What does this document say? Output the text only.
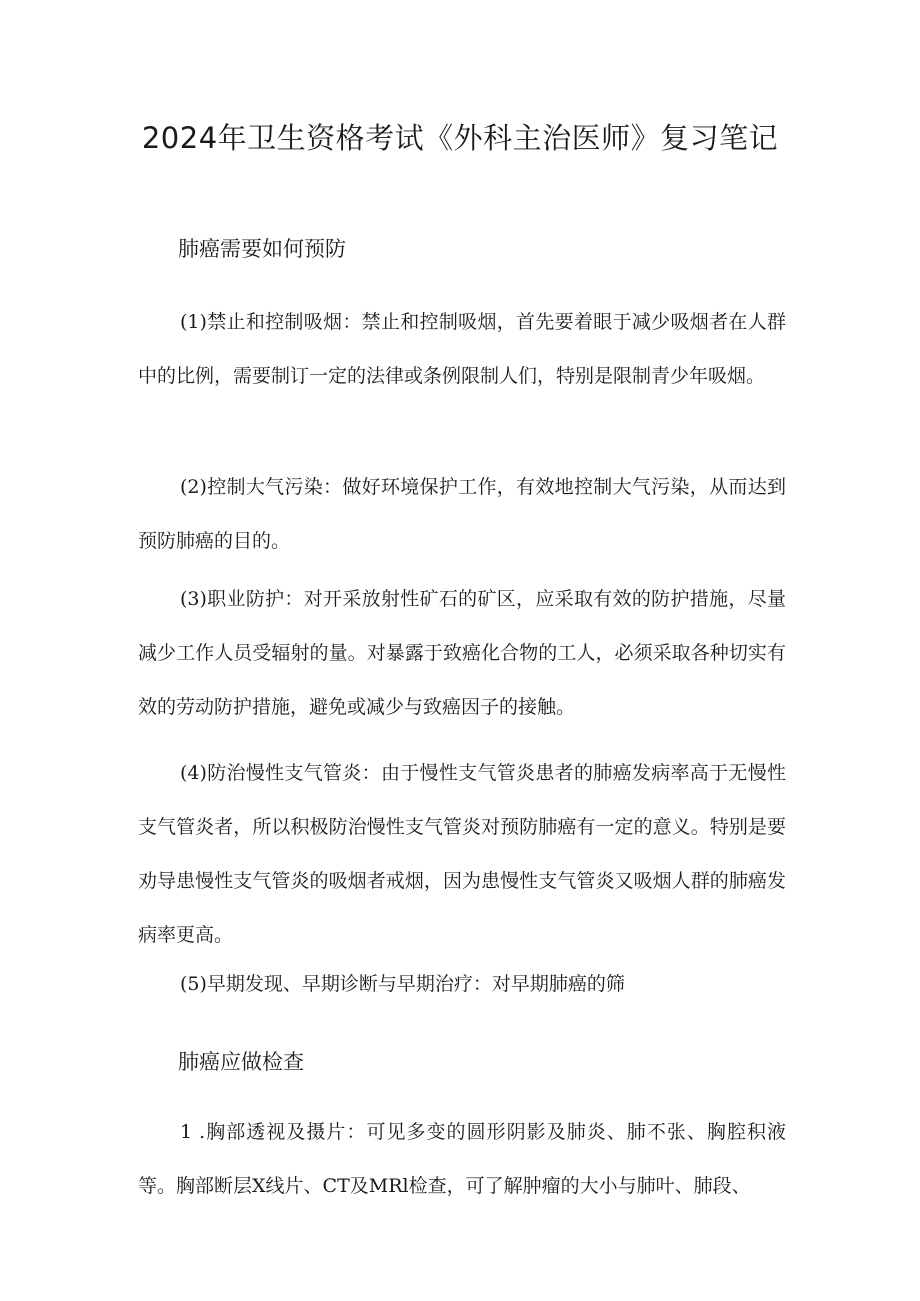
2024年卫生资格考试《外科主治医师》复习笔记
肺癌需要如何预防

(1)禁止和控制吸烟：禁止和控制吸烟，首先要着眼于减少吸烟者在人群中的比例，需要制订一定的法律或条例限制人们，特别是限制青少年吸烟。

(2)控制大气污染：做好环境保护工作，有效地控制大气污染，从而达到预防肺癌的目的。

(3)职业防护：对开采放射性矿石的矿区，应采取有效的防护措施，尽量减少工作人员受辐射的量。对暴露于致癌化合物的工人，必须采取各种切实有效的劳动防护措施，避免或减少与致癌因子的接触。

(4)防治慢性支气管炎：由于慢性支气管炎患者的肺癌发病率高于无慢性支气管炎者，所以积极防治慢性支气管炎对预防肺癌有一定的意义。特别是要劝导患慢性支气管炎的吸烟者戒烟，因为患慢性支气管炎又吸烟人群的肺癌发病率更高。

(5)早期发现、早期诊断与早期治疗：对早期肺癌的筛

肺癌应做检查

1 .胸部透视及摄片：可见多变的圆形阴影及肺炎、肺不张、胸腔积液等。胸部断层X线片、CT及MRl检查，可了解肿瘤的大小与肺叶、肺段、
